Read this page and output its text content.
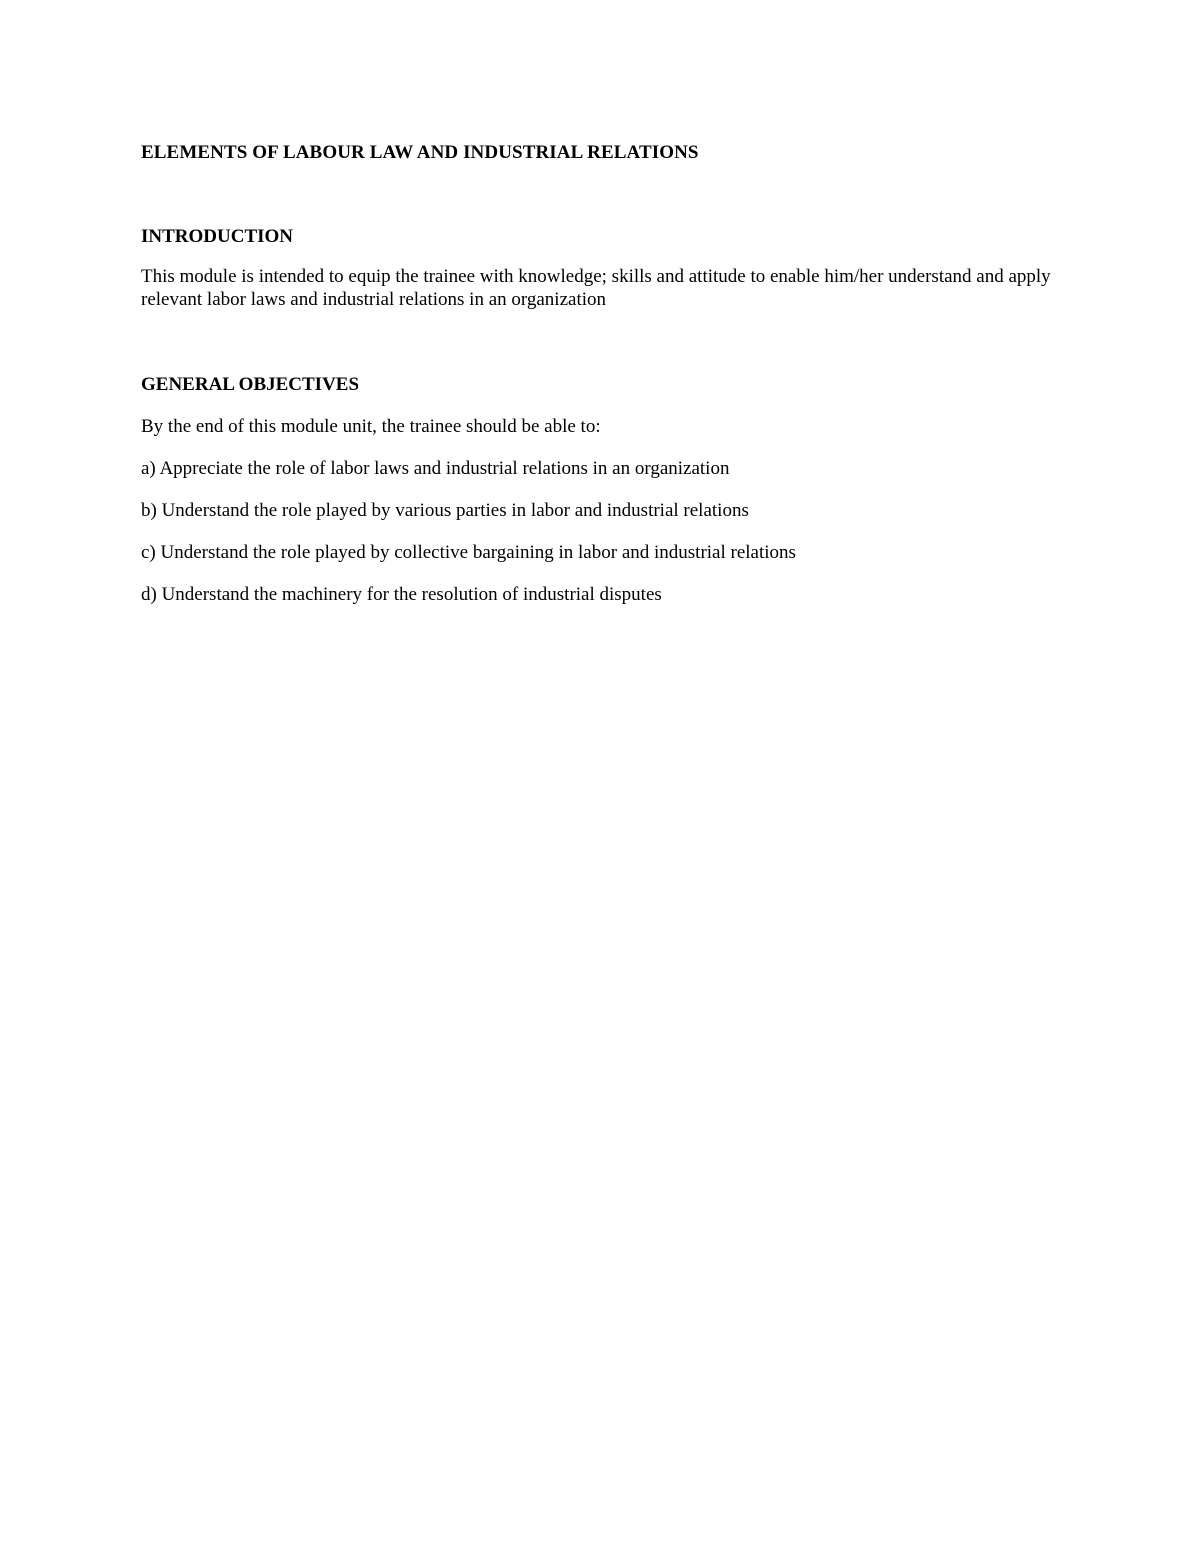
ELEMENTS OF LABOUR LAW AND INDUSTRIAL RELATIONS
INTRODUCTION

This module is intended to equip the trainee with knowledge; skills and attitude to enable him/her understand and apply relevant labor laws and industrial relations in an organization

GENERAL OBJECTIVES

By the end of this module unit, the trainee should be able to:

a) Appreciate the role of labor laws and industrial relations in an organization
b) Understand the role played by various parties in labor and industrial relations
c) Understand the role played by collective bargaining in labor and industrial relations
d) Understand the machinery for the resolution of industrial disputes
